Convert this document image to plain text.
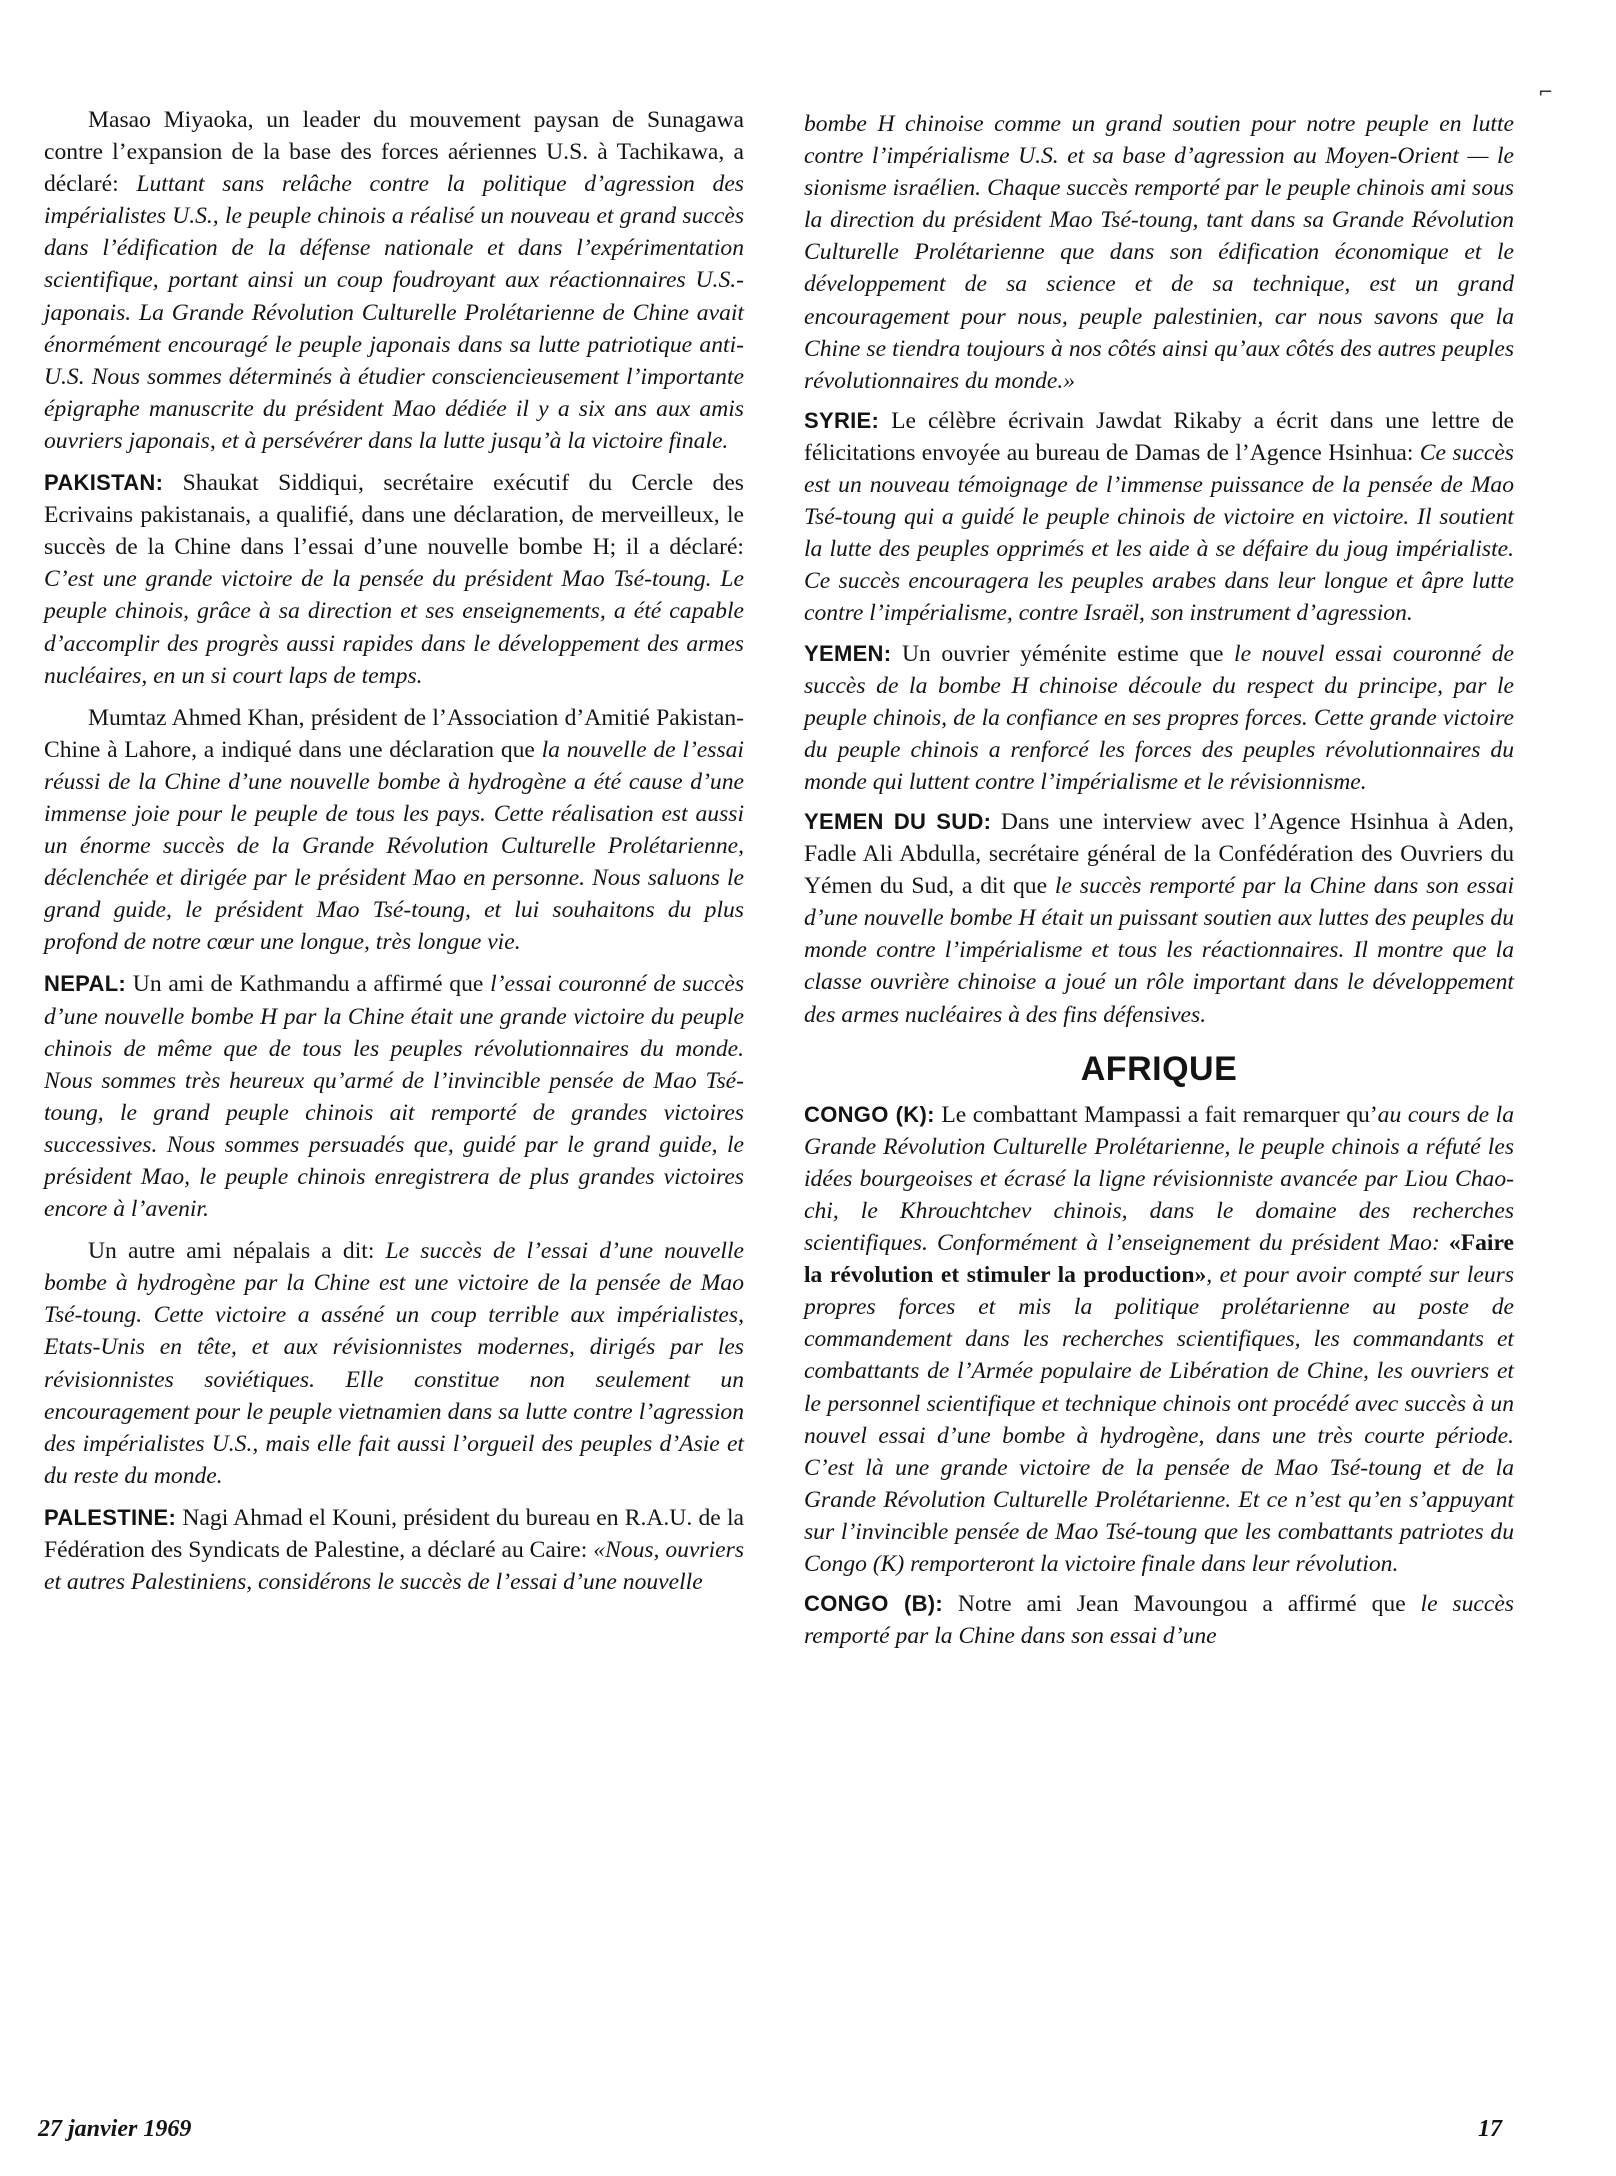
⌐

Masao Miyaoka, un leader du mouvement paysan de Sunagawa contre l’expansion de la base des forces aériennes U.S. à Tachikawa, a déclaré: Luttant sans relâche contre la politique d’agression des impérialistes U.S., le peuple chinois a réalisé un nouveau et grand succès dans l’édification de la défense nationale et dans l’expérimentation scientifique, portant ainsi un coup foudroyant aux réactionnaires U.S.-japonais. La Grande Révolution Culturelle Prolétarienne de Chine avait énormément encouragé le peuple japonais dans sa lutte patriotique anti-U.S. Nous sommes déterminés à étudier consciencieusement l’importante épigraphe manuscrite du président Mao dédiée il y a six ans aux amis ouvriers japonais, et à persévérer dans la lutte jusqu’à la victoire finale.

PAKISTAN: Shaukat Siddiqui, secrétaire exécutif du Cercle des Ecrivains pakistanais, a qualifié, dans une déclaration, de merveilleux, le succès de la Chine dans l’essai d’une nouvelle bombe H; il a déclaré: C’est une grande victoire de la pensée du président Mao Tsé-toung. Le peuple chinois, grâce à sa direction et ses enseignements, a été capable d’accomplir des progrès aussi rapides dans le développement des armes nucléaires, en un si court laps de temps.

Mumtaz Ahmed Khan, président de l’Association d’Amitié Pakistan-Chine à Lahore, a indiqué dans une déclaration que la nouvelle de l’essai réussi de la Chine d’une nouvelle bombe à hydrogène a été cause d’une immense joie pour le peuple de tous les pays. Cette réalisation est aussi un énorme succès de la Grande Révolution Culturelle Prolétarienne, déclenchée et dirigée par le président Mao en personne. Nous saluons le grand guide, le président Mao Tsé-toung, et lui souhaitons du plus profond de notre cœur une longue, très longue vie.

NEPAL: Un ami de Kathmandu a affirmé que l’essai couronné de succès d’une nouvelle bombe H par la Chine était une grande victoire du peuple chinois de même que de tous les peuples révolutionnaires du monde. Nous sommes très heureux qu’armé de l’invincible pensée de Mao Tsé-toung, le grand peuple chinois ait remporté de grandes victoires successives. Nous sommes persuadés que, guidé par le grand guide, le président Mao, le peuple chinois enregistrera de plus grandes victoires encore à l’avenir.

Un autre ami népalais a dit: Le succès de l’essai d’une nouvelle bombe à hydrogène par la Chine est une victoire de la pensée de Mao Tsé-toung. Cette victoire a asséné un coup terrible aux impérialistes, Etats-Unis en tête, et aux révisionnistes modernes, dirigés par les révisionnistes soviétiques. Elle constitue non seulement un encouragement pour le peuple vietnamien dans sa lutte contre l’agression des impérialistes U.S., mais elle fait aussi l’orgueil des peuples d’Asie et du reste du monde.

PALESTINE: Nagi Ahmad el Kouni, président du bureau en R.A.U. de la Fédération des Syndicats de Palestine, a déclaré au Caire: «Nous, ouvriers et autres Palestiniens, considérons le succès de l’essai d’une nouvelle

bombe H chinoise comme un grand soutien pour notre peuple en lutte contre l’impérialisme U.S. et sa base d’agression au Moyen-Orient — le sionisme israélien. Chaque succès remporté par le peuple chinois ami sous la direction du président Mao Tsé-toung, tant dans sa Grande Révolution Culturelle Prolétarienne que dans son édification économique et le développement de sa science et de sa technique, est un grand encouragement pour nous, peuple palestinien, car nous savons que la Chine se tiendra toujours à nos côtés ainsi qu’aux côtés des autres peuples révolutionnaires du monde.»

SYRIE: Le célèbre écrivain Jawdat Rikaby a écrit dans une lettre de félicitations envoyée au bureau de Damas de l’Agence Hsinhua: Ce succès est un nouveau témoignage de l’immense puissance de la pensée de Mao Tsé-toung qui a guidé le peuple chinois de victoire en victoire. Il soutient la lutte des peuples opprimés et les aide à se défaire du joug impérialiste. Ce succès encouragera les peuples arabes dans leur longue et âpre lutte contre l’impérialisme, contre Israël, son instrument d’agression.

YEMEN: Un ouvrier yéménite estime que le nouvel essai couronné de succès de la bombe H chinoise découle du respect du principe, par le peuple chinois, de la confiance en ses propres forces. Cette grande victoire du peuple chinois a renforcé les forces des peuples révolutionnaires du monde qui luttent contre l’impérialisme et le révisionnisme.

YEMEN DU SUD: Dans une interview avec l’Agence Hsinhua à Aden, Fadle Ali Abdulla, secrétaire général de la Confédération des Ouvriers du Yémen du Sud, a dit que le succès remporté par la Chine dans son essai d’une nouvelle bombe H était un puissant soutien aux luttes des peuples du monde contre l’impérialisme et tous les réactionnaires. Il montre que la classe ouvrière chinoise a joué un rôle important dans le développement des armes nucléaires à des fins défensives.

AFRIQUE

CONGO (K): Le combattant Mampassi a fait remarquer qu’au cours de la Grande Révolution Culturelle Prolétarienne, le peuple chinois a réfuté les idées bourgeoises et écrasé la ligne révisionniste avancée par Liou Chao-chi, le Khrouchtchev chinois, dans le domaine des recherches scientifiques. Conformément à l’enseignement du président Mao: «Faire la révolution et stimuler la production», et pour avoir compté sur leurs propres forces et mis la politique prolétarienne au poste de commandement dans les recherches scientifiques, les commandants et combattants de l’Armée populaire de Libération de Chine, les ouvriers et le personnel scientifique et technique chinois ont procédé avec succès à un nouvel essai d’une bombe à hydrogène, dans une très courte période. C’est là une grande victoire de la pensée de Mao Tsé-toung et de la Grande Révolution Culturelle Prolétarienne. Et ce n’est qu’en s’appuyant sur l’invincible pensée de Mao Tsé-toung que les combattants patriotes du Congo (K) remporteront la victoire finale dans leur révolution.

CONGO (B): Notre ami Jean Mavoungou a affirmé que le succès remporté par la Chine dans son essai d’une

27 janvier 1969	17
